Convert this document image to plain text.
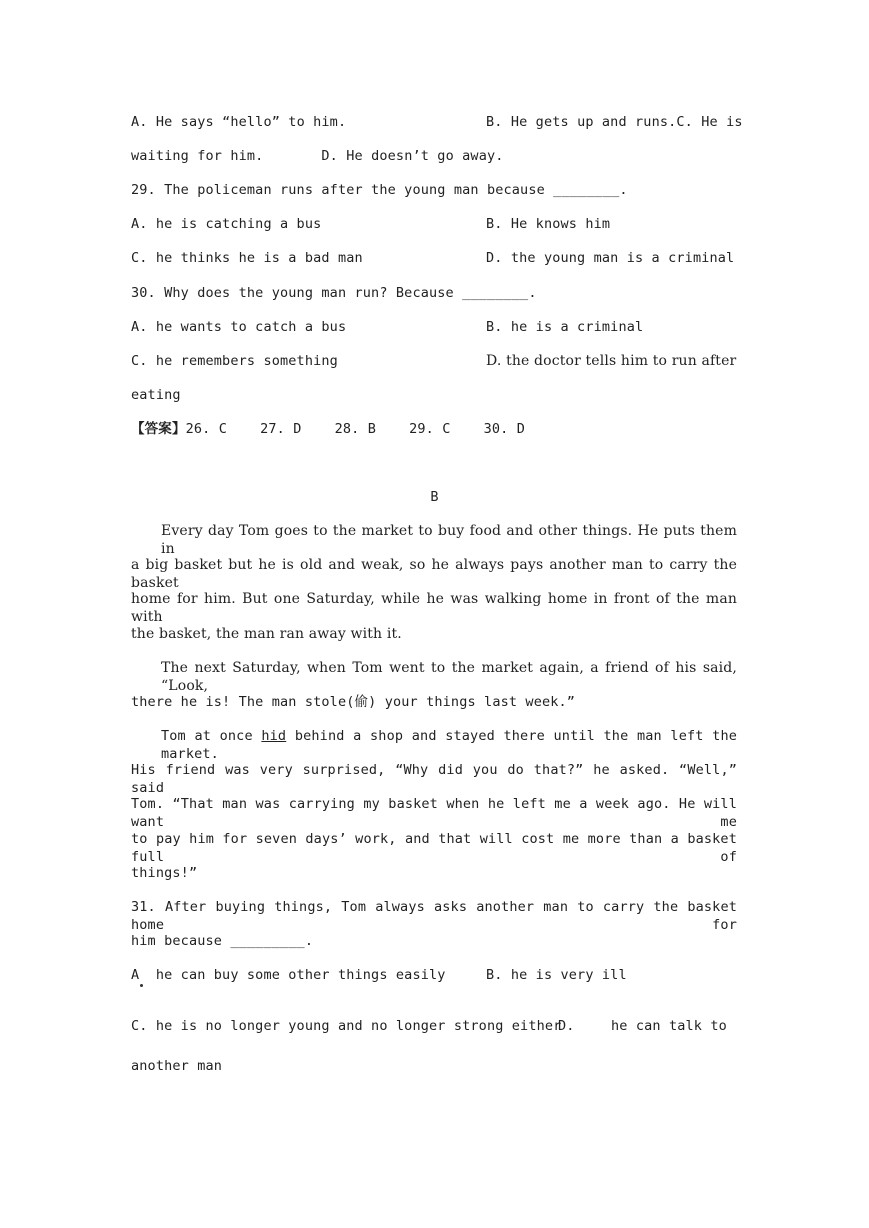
A. He says “hello” to him.	B. He gets up and runs.C. He is
waiting for him.	D. He doesn’t go away.
29. The policeman runs after the young man because ________.
A. he is catching a bus	B. He knows him
C. he thinks he is a bad man	D. the young man is a criminal
30. Why does the young man run? Because ________.
A. he wants to catch a bus	B. he is a criminal
C. he remembers something	D. the doctor tells him to run after
eating
【答案】26. C    27. D    28. B    29. C    30. D
B
Every day Tom goes to the market to buy food and other things. He puts them in
a big basket but he is old and weak, so he always pays another man to carry the basket
home for him. But one Saturday, while he was walking home in front of the man with
the basket, the man ran away with it.
The next Saturday, when Tom went to the market again, a friend of his said, “Look,
there he is! The man stole(偷) your things last week.”
Tom at once hid behind a shop and stayed there until the man left the market.
His friend was very surprised, “Why did you do that?” he asked. “Well,” said
Tom. “That man was carrying my basket when he left me a week ago. He will want me
to pay him for seven days’ work, and that will cost me more than a basket full of
things!”
31. After buying things, Tom always asks another man to carry the basket home for
him because _________.
A  he can buy some other things easily	B. he is very ill
C. he is no longer young and no longer strong either
D.	he can talk to
another man
